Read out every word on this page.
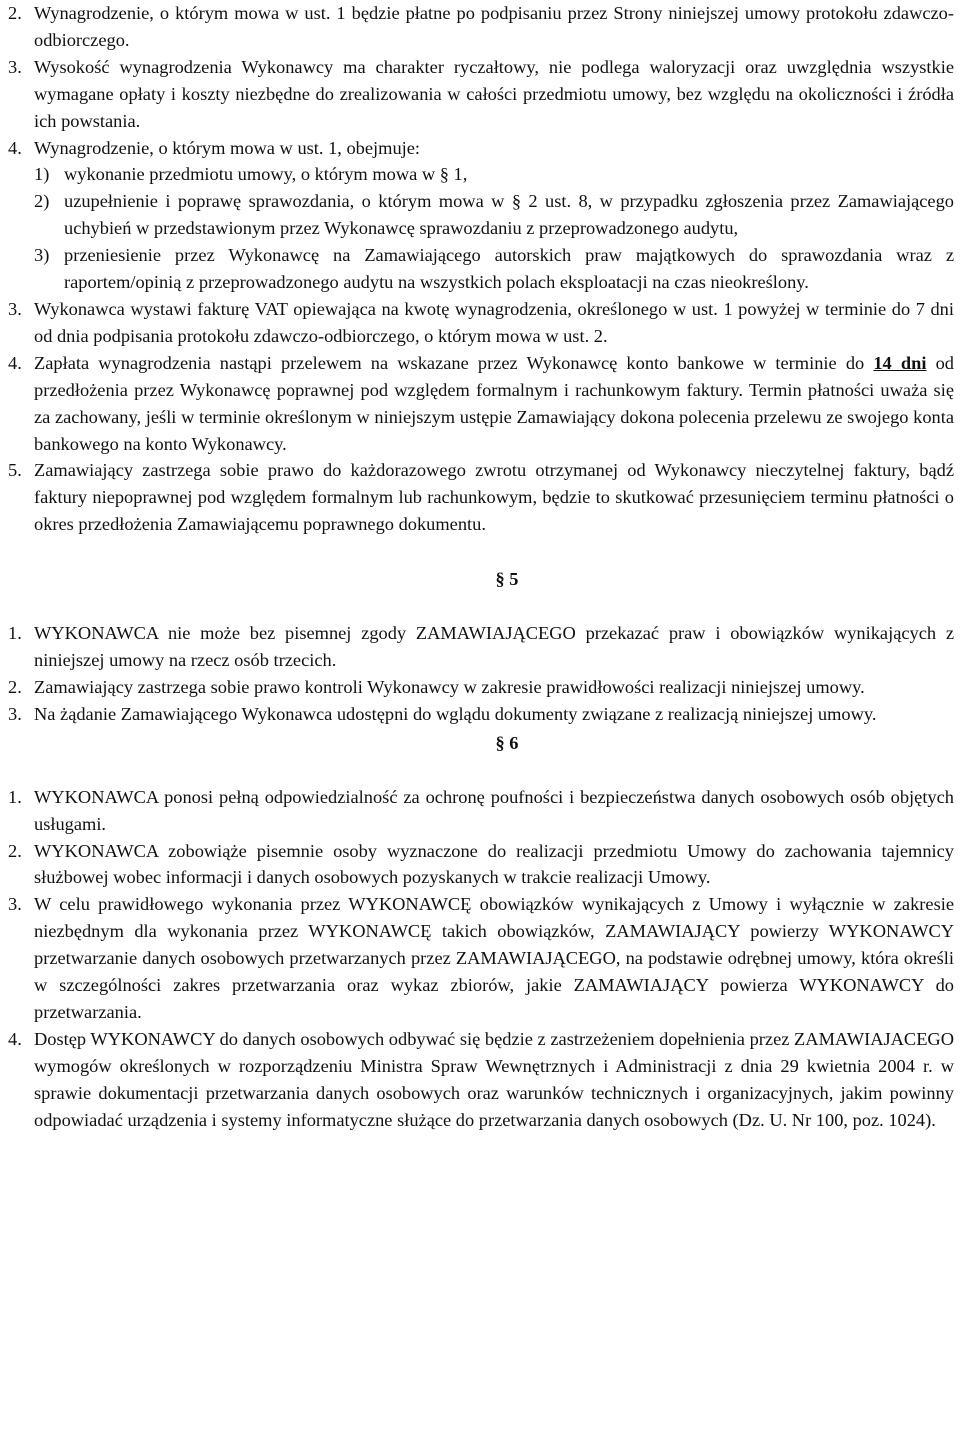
2. Wynagrodzenie, o którym mowa w ust. 1 będzie płatne po podpisaniu przez Strony niniejszej umowy protokołu zdawczo-odbiorczego.
3. Wysokość wynagrodzenia Wykonawcy ma charakter ryczałtowy, nie podlega waloryzacji oraz uwzględnia wszystkie wymagane opłaty i koszty niezbędne do zrealizowania w całości przedmiotu umowy, bez względu na okoliczności i źródła ich powstania.
4. Wynagrodzenie, o którym mowa w ust. 1, obejmuje:
1) wykonanie przedmiotu umowy, o którym mowa w § 1,
2) uzupełnienie i poprawę sprawozdania, o którym mowa w § 2 ust. 8, w przypadku zgłoszenia przez Zamawiającego uchybień w przedstawionym przez Wykonawcę sprawozdaniu z przeprowadzonego audytu,
3) przeniesienie przez Wykonawcę na Zamawiającego autorskich praw majątkowych do sprawozdania wraz z raportem/opinią z przeprowadzonego audytu na wszystkich polach eksploatacji na czas nieokreślony.
3. Wykonawca wystawi fakturę VAT opiewająca na kwotę wynagrodzenia, określonego w ust. 1 powyżej w terminie do 7 dni od dnia podpisania protokołu zdawczo-odbiorczego, o którym mowa w ust. 2.
4. Zapłata wynagrodzenia nastąpi przelewem na wskazane przez Wykonawcę konto bankowe w terminie do 14 dni od przedłożenia przez Wykonawcę poprawnej pod względem formalnym i rachunkowym faktury. Termin płatności uważa się za zachowany, jeśli w terminie określonym w niniejszym ustępie Zamawiający dokona polecenia przelewu ze swojego konta bankowego na konto Wykonawcy.
5. Zamawiający zastrzega sobie prawo do każdorazowego zwrotu otrzymanej od Wykonawcy nieczytelnej faktury, bądź faktury niepoprawnej pod względem formalnym lub rachunkowym, będzie to skutkować przesunięciem terminu płatności o okres przedłożenia Zamawiającemu poprawnego dokumentu.
§ 5
1. WYKONAWCA nie może bez pisemnej zgody ZAMAWIAJĄCEGO przekazać praw i obowiązków wynikających z niniejszej umowy na rzecz osób trzecich.
2. Zamawiający zastrzega sobie prawo kontroli Wykonawcy w zakresie prawidłowości realizacji niniejszej umowy.
3. Na żądanie Zamawiającego Wykonawca udostępni do wglądu dokumenty związane z realizacją niniejszej umowy.
§ 6
1. WYKONAWCA ponosi pełną odpowiedzialność za ochronę poufności i bezpieczeństwa danych osobowych osób objętych usługami.
2. WYKONAWCA zobowiąże pisemnie osoby wyznaczone do realizacji przedmiotu Umowy do zachowania tajemnicy służbowej wobec informacji i danych osobowych pozyskanych w trakcie realizacji Umowy.
3. W celu prawidłowego wykonania przez WYKONAWCĘ obowiązków wynikających z Umowy i wyłącznie w zakresie niezbędnym dla wykonania przez WYKONAWCĘ takich obowiązków, ZAMAWIAJĄCY powierzy WYKONAWCY przetwarzanie danych osobowych przetwarzanych przez ZAMAWIAJĄCEGO, na podstawie odrębnej umowy, która określi w szczególności zakres przetwarzania oraz wykaz zbiorów, jakie ZAMAWIAJĄCY powierza WYKONAWCY do przetwarzania.
4. Dostęp WYKONAWCY do danych osobowych odbywać się będzie z zastrzeżeniem dopełnienia przez ZAMAWIAJACEGO wymogów określonych w rozporządzeniu Ministra Spraw Wewnętrznych i Administracji z dnia 29 kwietnia 2004 r. w sprawie dokumentacji przetwarzania danych osobowych oraz warunków technicznych i organizacyjnych, jakim powinny odpowiadać urządzenia i systemy informatyczne służące do przetwarzania danych osobowych (Dz. U. Nr 100, poz. 1024).
